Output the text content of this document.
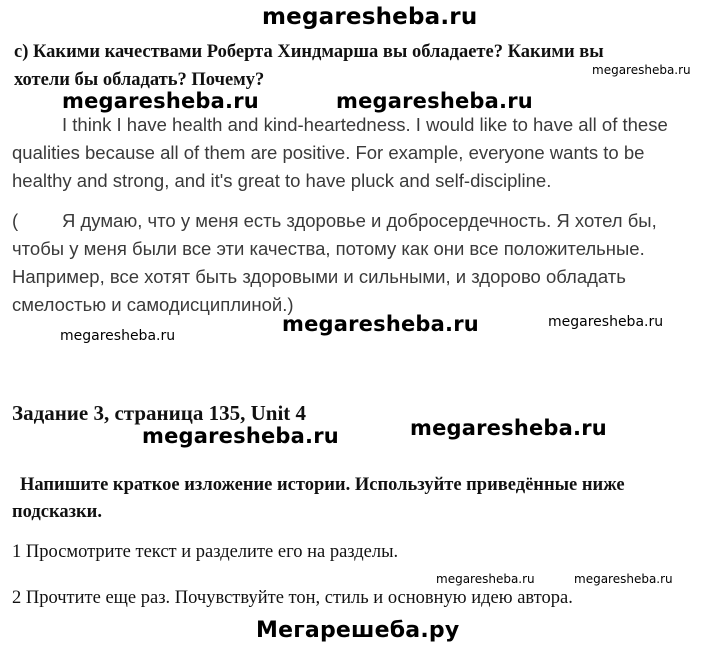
megaresheba.ru
c) Какими качествами Роберта Хиндмарша вы обладаете? Какими вы
megaresheba.ru
хотели бы обладать? Почему?
megaresheba.ru	megaresheba.ru
I think I have health and kind-heartedness. I would like to have all of these
qualities because all of them are positive. For example, everyone wants to be
healthy and strong, and it's great to have pluck and self-discipline.
( Я думаю, что у меня есть здоровье и добросердечность. Я хотел бы,
чтобы у меня были все эти качества, потому как они все положительные.
Например, все хотят быть здоровыми и сильными, и здорово обладать
смелостью и самодисциплиной.)
megaresheba.ru	megaresheba.ru	megaresheba.ru
Задание 3, страница 135, Unit 4
megaresheba.ru	megaresheba.ru
Напишите краткое изложение истории. Используйте приведённые ниже
подсказки.
1 Просмотрите текст и разделите его на разделы.
megaresheba.ru	megaresheba.ru
2 Прочтите еще раз. Почувствуйте тон, стиль и основную идею автора.
Мегарешеба.ру
